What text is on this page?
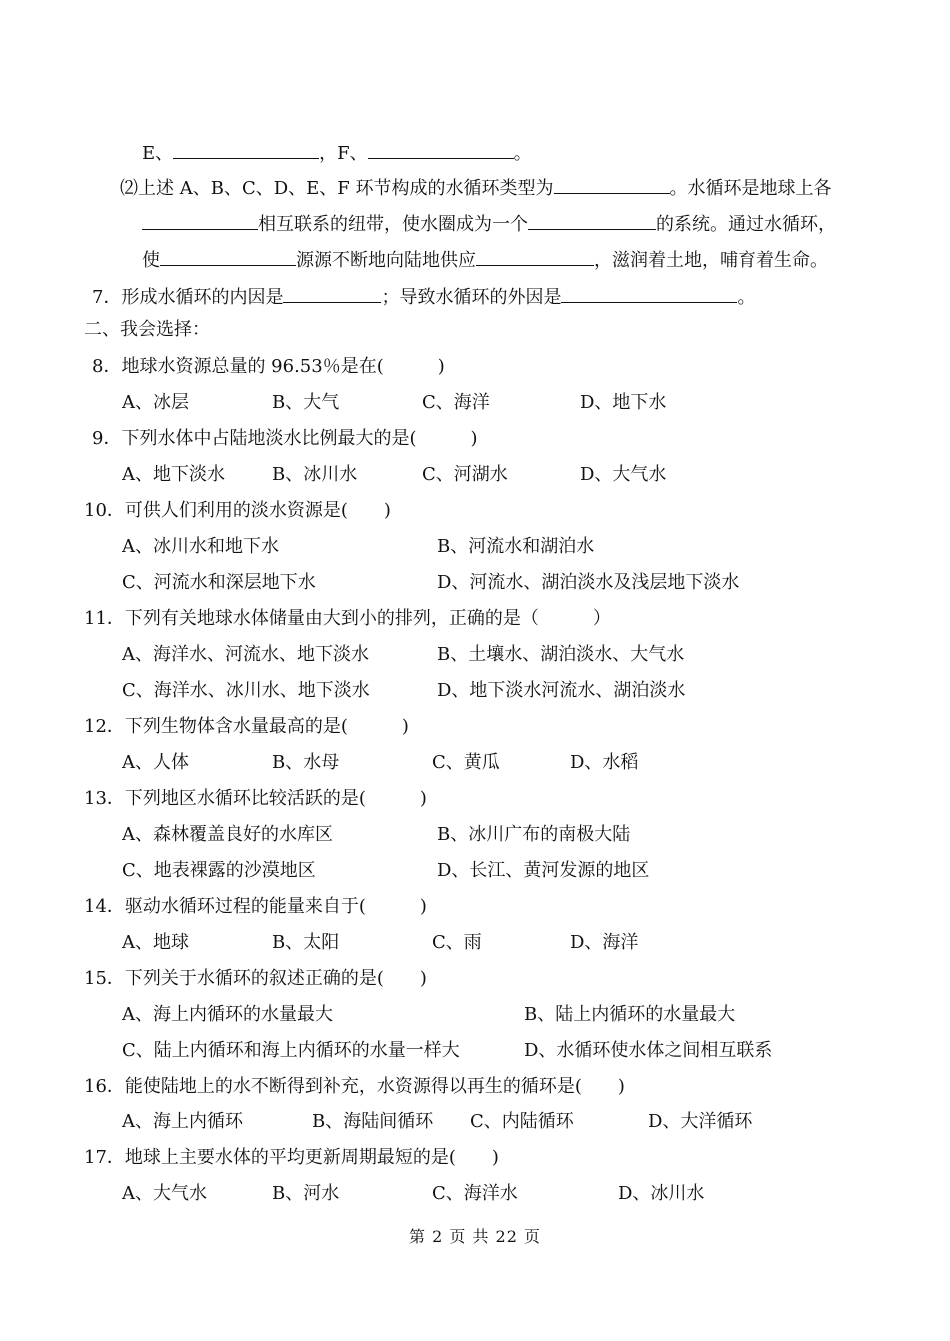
E、	，F、	。
⑵上述 A、B、C、D、E、F 环节构成的水循环类型为	。水循环是地球上各
相互联系的纽带，使水圈成为一个	的系统。通过水循环，
使	源源不断地向陆地供应	，滋润着土地，哺育着生命。
7．形成水循环的内因是	；导致水循环的外因是	。
二、我会选择：
8．地球水资源总量的 96.53％是在(　　　)
A、冰层	B、大气	C、海洋	D、地下水
9．下列水体中占陆地淡水比例最大的是(　　　)
A、地下淡水	B、冰川水	C、河湖水	D、大气水
10．可供人们利用的淡水资源是(　　)
A、冰川水和地下水	B、河流水和湖泊水
C、河流水和深层地下水	D、河流水、湖泊淡水及浅层地下淡水
11．下列有关地球水体储量由大到小的排列，正确的是（　　　）
A、海洋水、河流水、地下淡水	B、土壤水、湖泊淡水、大气水
C、海洋水、冰川水、地下淡水	D、地下淡水河流水、湖泊淡水
12．下列生物体含水量最高的是(　　　)
A、人体	B、水母	C、黄瓜	D、水稻
13．下列地区水循环比较活跃的是(　　　)
A、森林覆盖良好的水库区	B、冰川广布的南极大陆
C、地表裸露的沙漠地区	D、长江、黄河发源的地区
14．驱动水循环过程的能量来自于(　　　)
A、地球	B、太阳	C、雨	D、海洋
15．下列关于水循环的叙述正确的是(　　)
A、海上内循环的水量最大	B、陆上内循环的水量最大
C、陆上内循环和海上内循环的水量一样大	D、水循环使水体之间相互联系
16．能使陆地上的水不断得到补充，水资源得以再生的循环是(　　)
A、海上内循环	B、海陆间循环 C、内陆循环	D、大洋循环
17．地球上主要水体的平均更新周期最短的是(　　)
A、大气水	B、河水	C、海洋水	D、冰川水
第 2 页 共 22 页
